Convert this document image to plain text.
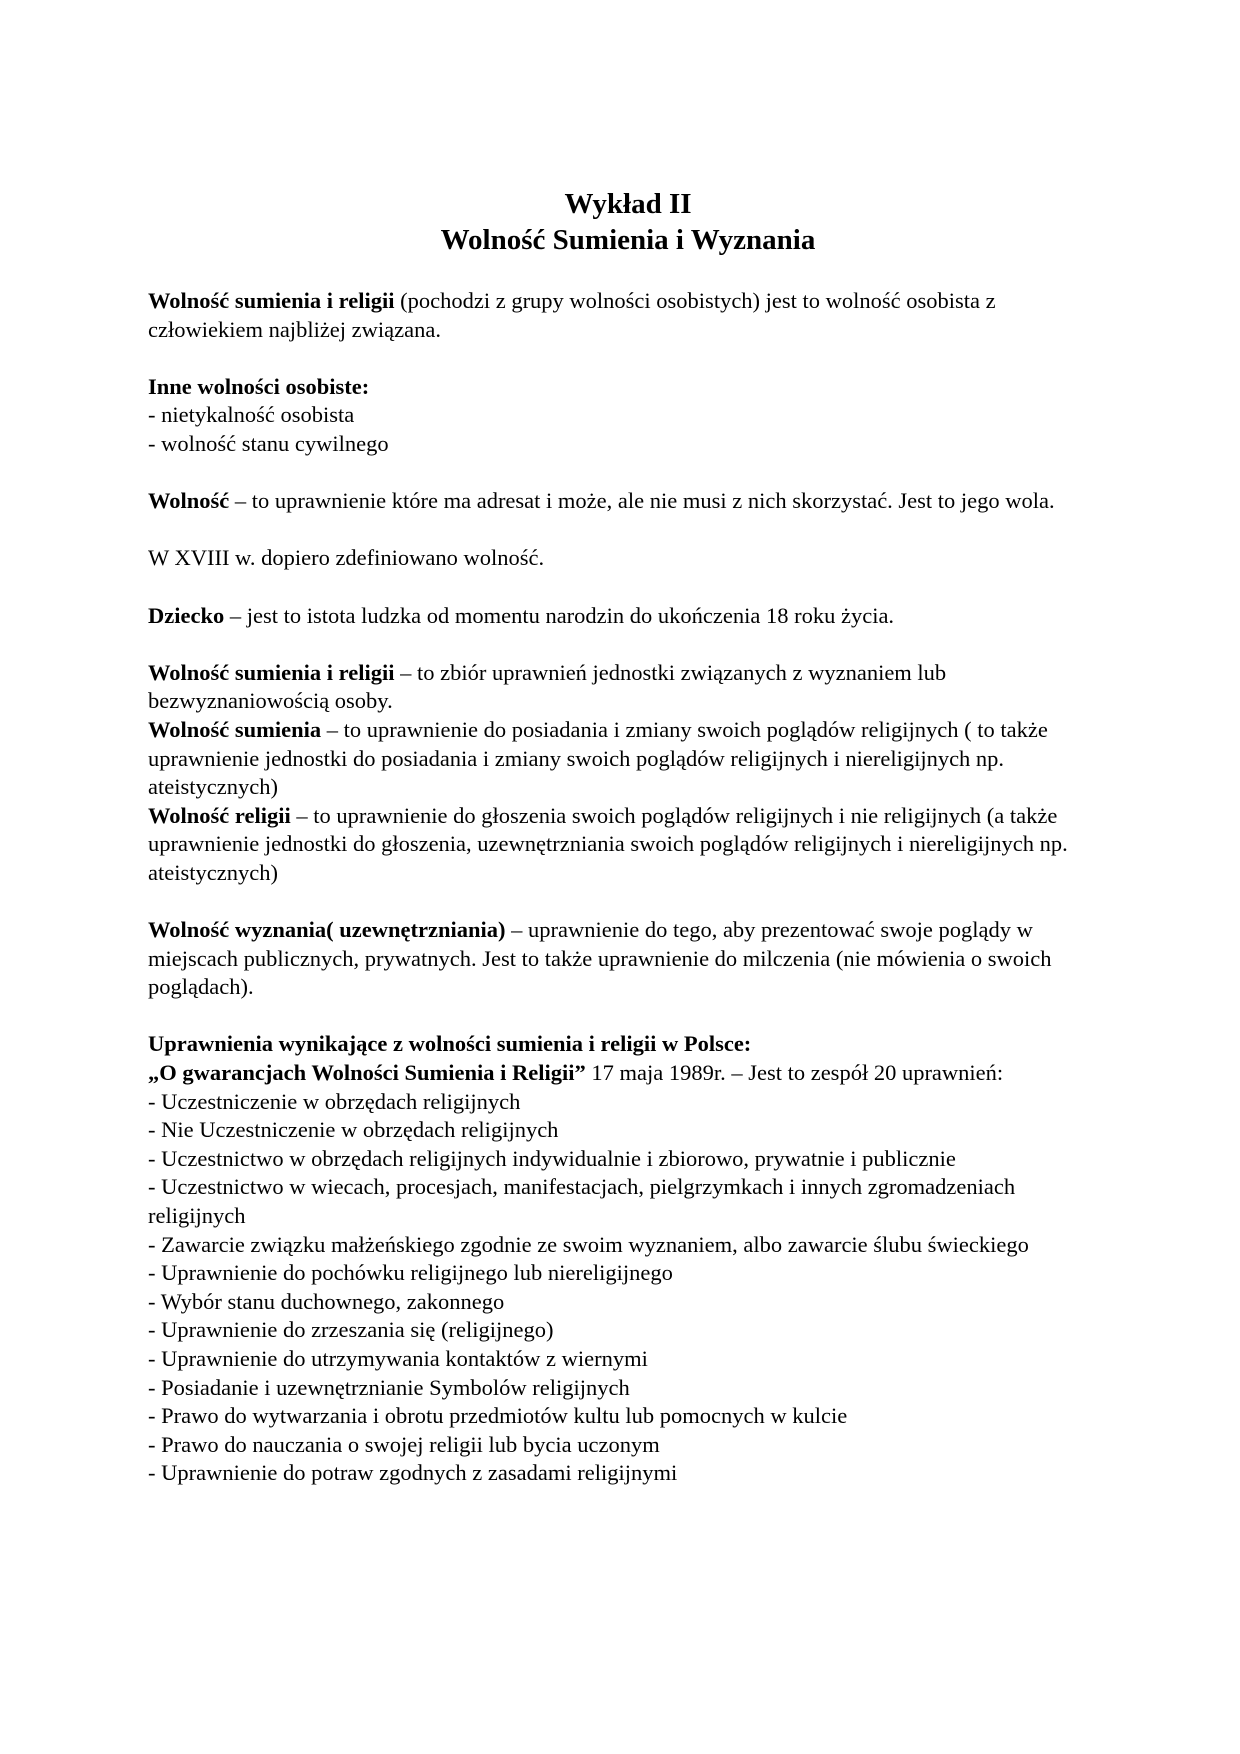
Wykład II
Wolność Sumienia i Wyznania

Wolność sumienia i religii (pochodzi z grupy wolności osobistych) jest to wolność osobista z człowiekiem najbliżej związana.

Inne wolności osobiste:

- nietykalność osobista

- wolność stanu cywilnego

Wolność – to uprawnienie które ma adresat i może, ale nie musi z nich skorzystać. Jest to jego wola.

W XVIII w. dopiero zdefiniowano wolność.

Dziecko – jest to istota ludzka od momentu narodzin do ukończenia 18 roku życia.

Wolność sumienia i religii – to zbiór uprawnień jednostki związanych z wyznaniem lub bezwyznaniowością osoby.

Wolność sumienia – to uprawnienie do posiadania i zmiany swoich poglądów religijnych ( to także uprawnienie jednostki do posiadania i zmiany swoich poglądów religijnych i niereligijnych np. ateistycznych)

Wolność religii – to uprawnienie do głoszenia swoich poglądów religijnych i nie religijnych (a także uprawnienie jednostki do głoszenia, uzewnętrzniania swoich poglądów religijnych i niereligijnych np. ateistycznych)

Wolność wyznania( uzewnętrzniania) – uprawnienie do tego, aby prezentować swoje poglądy w miejscach publicznych, prywatnych. Jest to także uprawnienie do milczenia (nie mówienia o swoich poglądach).

Uprawnienia wynikające z wolności sumienia i religii w Polsce:

„O gwarancjach Wolności Sumienia i Religii” 17 maja 1989r. – Jest to zespół 20 uprawnień:

- Uczestniczenie w obrzędach religijnych

- Nie Uczestniczenie w obrzędach religijnych

- Uczestnictwo w obrzędach religijnych indywidualnie i zbiorowo, prywatnie i publicznie

- Uczestnictwo w wiecach, procesjach, manifestacjach, pielgrzymkach i innych zgromadzeniach religijnych

- Zawarcie związku małżeńskiego zgodnie ze swoim wyznaniem, albo zawarcie ślubu świeckiego

- Uprawnienie do pochówku religijnego lub niereligijnego

- Wybór stanu duchownego, zakonnego

- Uprawnienie do zrzeszania się (religijnego)

- Uprawnienie do utrzymywania kontaktów z wiernymi

- Posiadanie i uzewnętrznianie Symbolów religijnych

- Prawo do wytwarzania i obrotu przedmiotów kultu lub pomocnych w kulcie

- Prawo do nauczania o swojej religii lub bycia uczonym

- Uprawnienie do potraw zgodnych z zasadami religijnymi
